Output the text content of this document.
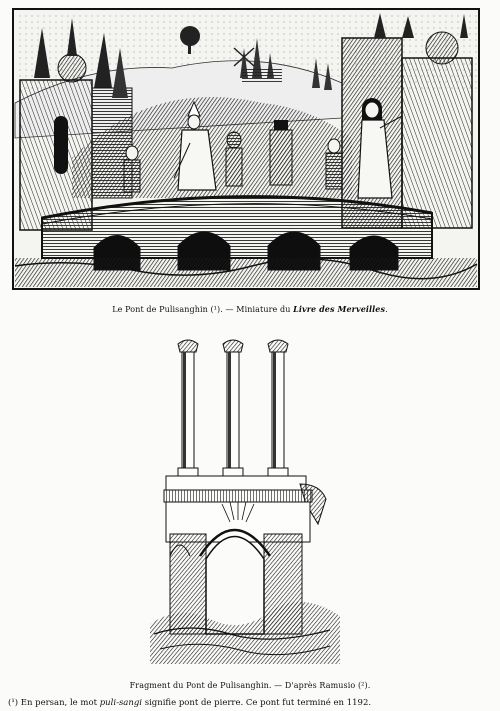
Le Pont de Pulisanghin (¹). — Miniature du Livre des Merveilles.
Fragment du Pont de Pulisanghin. — D'après Ramusio (²).
(¹) En persan, le mot puli-sangi signifie pont de pierre. Ce pont fut terminé en 1192.
